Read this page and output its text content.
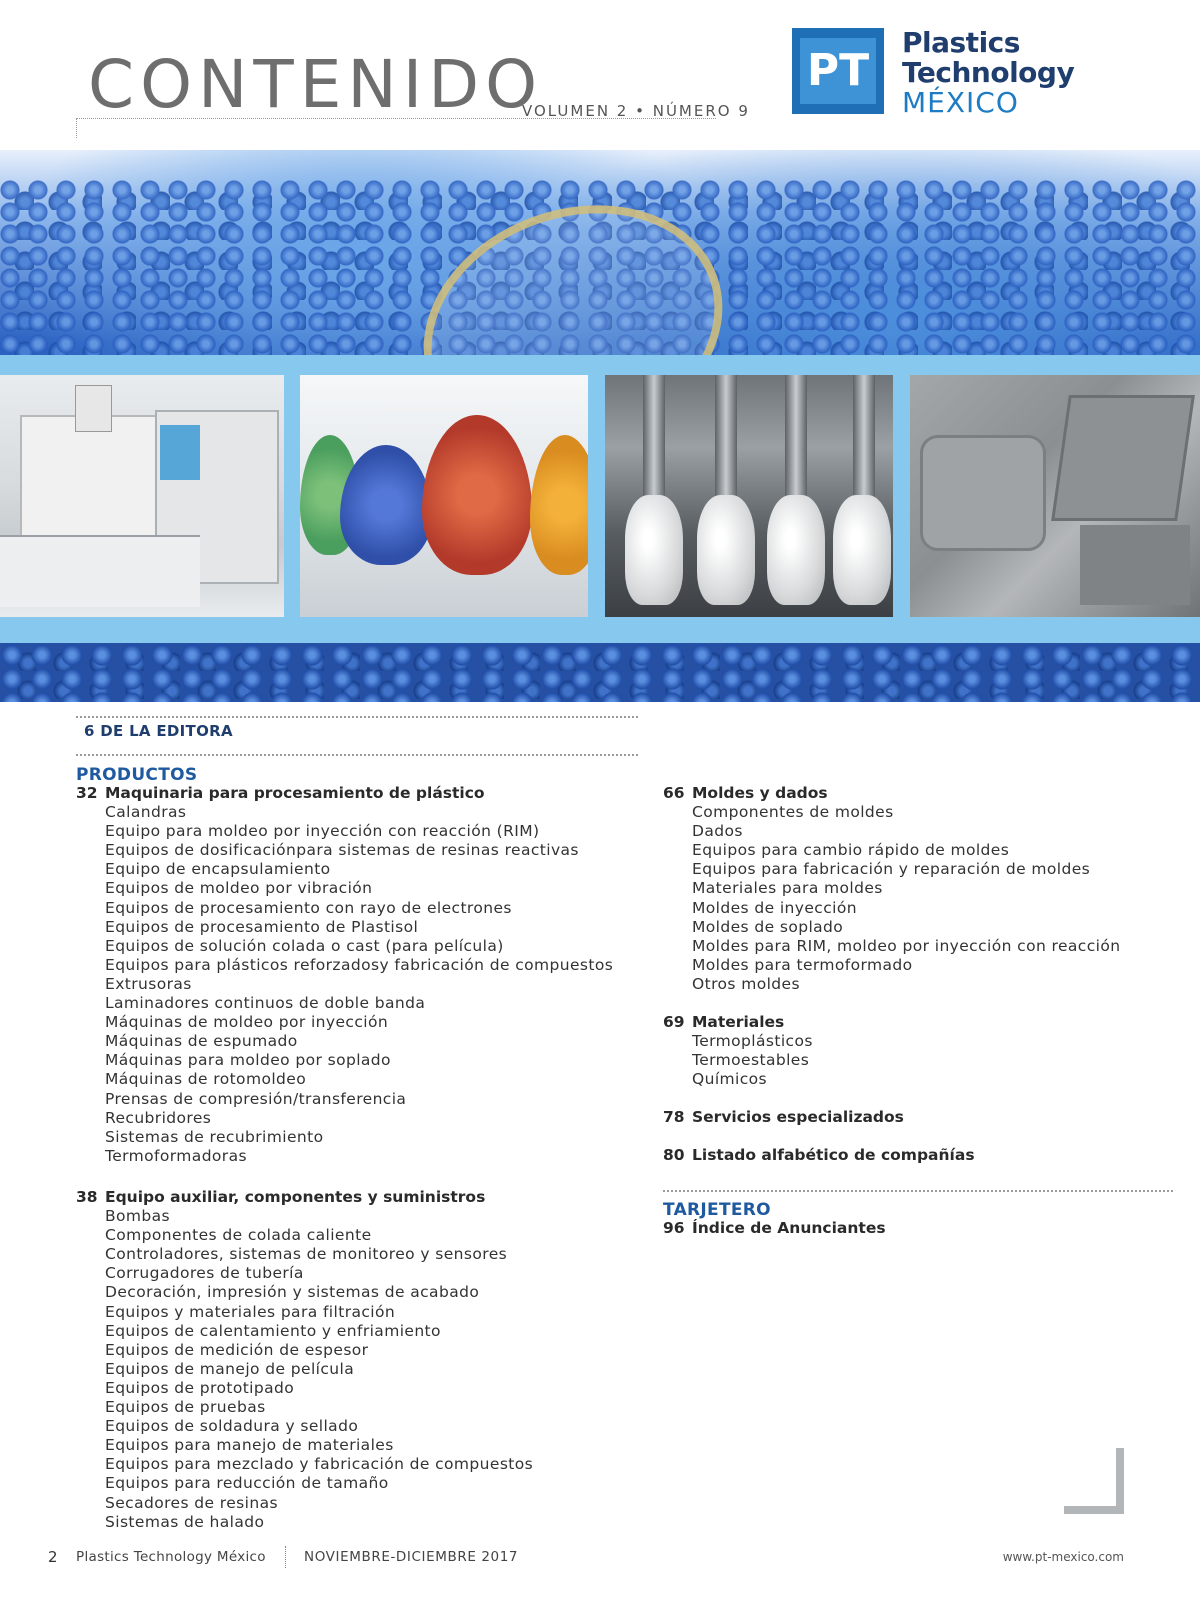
CONTENIDO
VOLUMEN 2 • NÚMERO 9
PT
Plastics
Technology
MÉXICO
6 DE LA EDITORA
PRODUCTOS
32 Maquinaria para procesamiento de plástico
Calandras
Equipo para moldeo por inyección con reacción (RIM)
Equipos de dosificaciónpara sistemas de resinas reactivas
Equipo de encapsulamiento
Equipos de moldeo por vibración
Equipos de procesamiento con rayo de electrones
Equipos de procesamiento de Plastisol
Equipos de solución colada o cast (para película)
Equipos para plásticos reforzadosy fabricación de compuestos
Extrusoras
Laminadores continuos de doble banda
Máquinas de moldeo por inyección
Máquinas de espumado
Máquinas para moldeo por soplado
Máquinas de rotomoldeo
Prensas de compresión/transferencia
Recubridores
Sistemas de recubrimiento
Termoformadoras
38 Equipo auxiliar, componentes y suministros
Bombas
Componentes de colada caliente
Controladores, sistemas de monitoreo y sensores
Corrugadores de tubería
Decoración, impresión y sistemas de acabado
Equipos y materiales para filtración
Equipos de calentamiento y enfriamiento
Equipos de medición de espesor
Equipos de manejo de película
Equipos de prototipado
Equipos de pruebas
Equipos de soldadura y sellado
Equipos para manejo de materiales
Equipos para mezclado y fabricación de compuestos
Equipos para reducción de tamaño
Secadores de resinas
Sistemas de halado
66 Moldes y dados
Componentes de moldes
Dados
Equipos para cambio rápido de moldes
Equipos para fabricación y reparación de moldes
Materiales para moldes
Moldes de inyección
Moldes de soplado
Moldes para RIM, moldeo por inyección con reacción
Moldes para termoformado
Otros moldes
69 Materiales
Termoplásticos
Termoestables
Químicos
78 Servicios especializados
80 Listado alfabético de compañías
TARJETERO
96 Índice de Anunciantes
2 Plastics Technology México	NOVIEMBRE-DICIEMBRE 2017	www.pt-mexico.com
